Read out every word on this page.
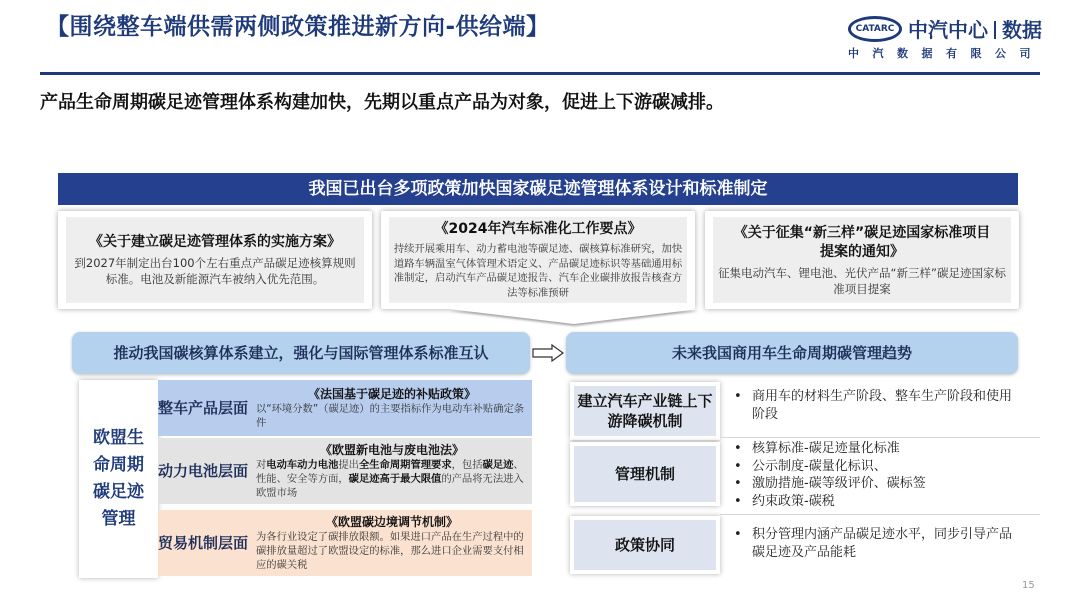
【围绕整车端供需两侧政策推进新方向-供给端】	CATARC 中汽中心 数据
中汽数据有限公司
产品生命周期碳足迹管理体系构建加快，先期以重点产品为对象，促进上下游碳减排。
我国已出台多项政策加快国家碳足迹管理体系设计和标准制定
《关于建立碳足迹管理体系的实施方案》
到2027年制定出台100个左右重点产品碳足迹核算规则标准。电池及新能源汽车被纳入优先范围。
《2024年汽车标准化工作要点》
持续开展乘用车、动力蓄电池等碳足迹、碳核算标准研究，加快道路车辆温室气体管理术语定义、产品碳足迹标识等基础通用标准制定，启动汽车产品碳足迹报告、汽车企业碳排放报告核查方法等标准预研
《关于征集“新三样”碳足迹国家标准项目提案的通知》
征集电动汽车、锂电池、光伏产品“新三样”碳足迹国家标准项目提案
推动我国碳核算体系建立，强化与国际管理体系标准互认	未来我国商用车生命周期碳管理趋势
欧盟生命周期碳足迹管理
整车产品层面
《法国基于碳足迹的补贴政策》
以“环境分数”（碳足迹）的主要指标作为电动车补贴确定条件
动力电池层面
《欧盟新电池与废电池法》
对电动车动力电池提出全生命周期管理要求，包括碳足迹、性能、安全等方面，碳足迹高于最大限值的产品将无法进入欧盟市场
贸易机制层面
《欧盟碳边境调节机制》
为各行业设定了碳排放限额。如果进口产品在生产过程中的碳排放量超过了欧盟设定的标准，那么进口企业需要支付相应的碳关税
建立汽车产业链上下游降碳机制
• 商用车的材料生产阶段、整车生产阶段和使用阶段
管理机制
• 核算标准-碳足迹量化标准
• 公示制度-碳量化标识、
• 激励措施-碳等级评价、碳标签
• 约束政策-碳税
政策协同
• 积分管理内涵产品碳足迹水平，同步引导产品碳足迹及产品能耗
15
